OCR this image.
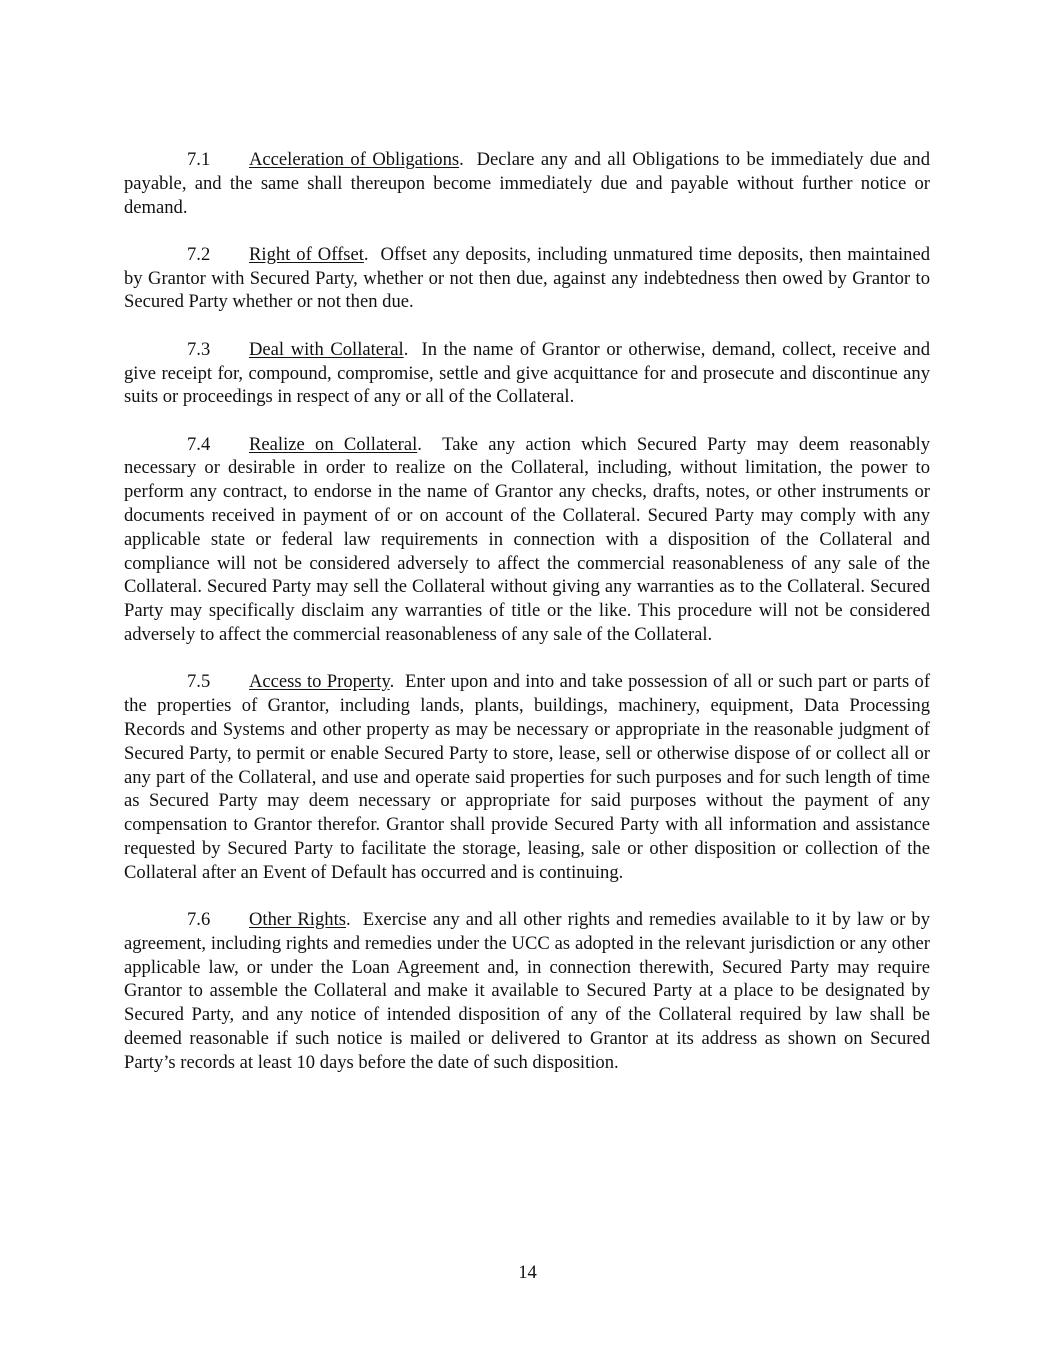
7.1 Acceleration of Obligations.  Declare any and all Obligations to be immediately due and payable, and the same shall thereupon become immediately due and payable without further notice or demand.

7.2 Right of Offset.  Offset any deposits, including unmatured time deposits, then maintained by Grantor with Secured Party, whether or not then due, against any indebtedness then owed by Grantor to Secured Party whether or not then due.

7.3 Deal with Collateral.  In the name of Grantor or otherwise, demand, collect, receive and give receipt for, compound, compromise, settle and give acquittance for and prosecute and discontinue any suits or proceedings in respect of any or all of the Collateral.

7.4 Realize on Collateral.  Take any action which Secured Party may deem reasonably necessary or desirable in order to realize on the Collateral, including, without limitation, the power to perform any contract, to endorse in the name of Grantor any checks, drafts, notes, or other instruments or documents received in payment of or on account of the Collateral. Secured Party may comply with any applicable state or federal law requirements in connection with a disposition of the Collateral and compliance will not be considered adversely to affect the commercial reasonableness of any sale of the Collateral. Secured Party may sell the Collateral without giving any warranties as to the Collateral. Secured Party may specifically disclaim any warranties of title or the like. This procedure will not be considered adversely to affect the commercial reasonableness of any sale of the Collateral.

7.5 Access to Property.  Enter upon and into and take possession of all or such part or parts of the properties of Grantor, including lands, plants, buildings, machinery, equipment, Data Processing Records and Systems and other property as may be necessary or appropriate in the reasonable judgment of Secured Party, to permit or enable Secured Party to store, lease, sell or otherwise dispose of or collect all or any part of the Collateral, and use and operate said properties for such purposes and for such length of time as Secured Party may deem necessary or appropriate for said purposes without the payment of any compensation to Grantor therefor. Grantor shall provide Secured Party with all information and assistance requested by Secured Party to facilitate the storage, leasing, sale or other disposition or collection of the Collateral after an Event of Default has occurred and is continuing.

7.6 Other Rights.  Exercise any and all other rights and remedies available to it by law or by agreement, including rights and remedies under the UCC as adopted in the relevant jurisdiction or any other applicable law, or under the Loan Agreement and, in connection therewith, Secured Party may require Grantor to assemble the Collateral and make it available to Secured Party at a place to be designated by Secured Party, and any notice of intended disposition of any of the Collateral required by law shall be deemed reasonable if such notice is mailed or delivered to Grantor at its address as shown on Secured Party’s records at least 10 days before the date of such disposition.

14
